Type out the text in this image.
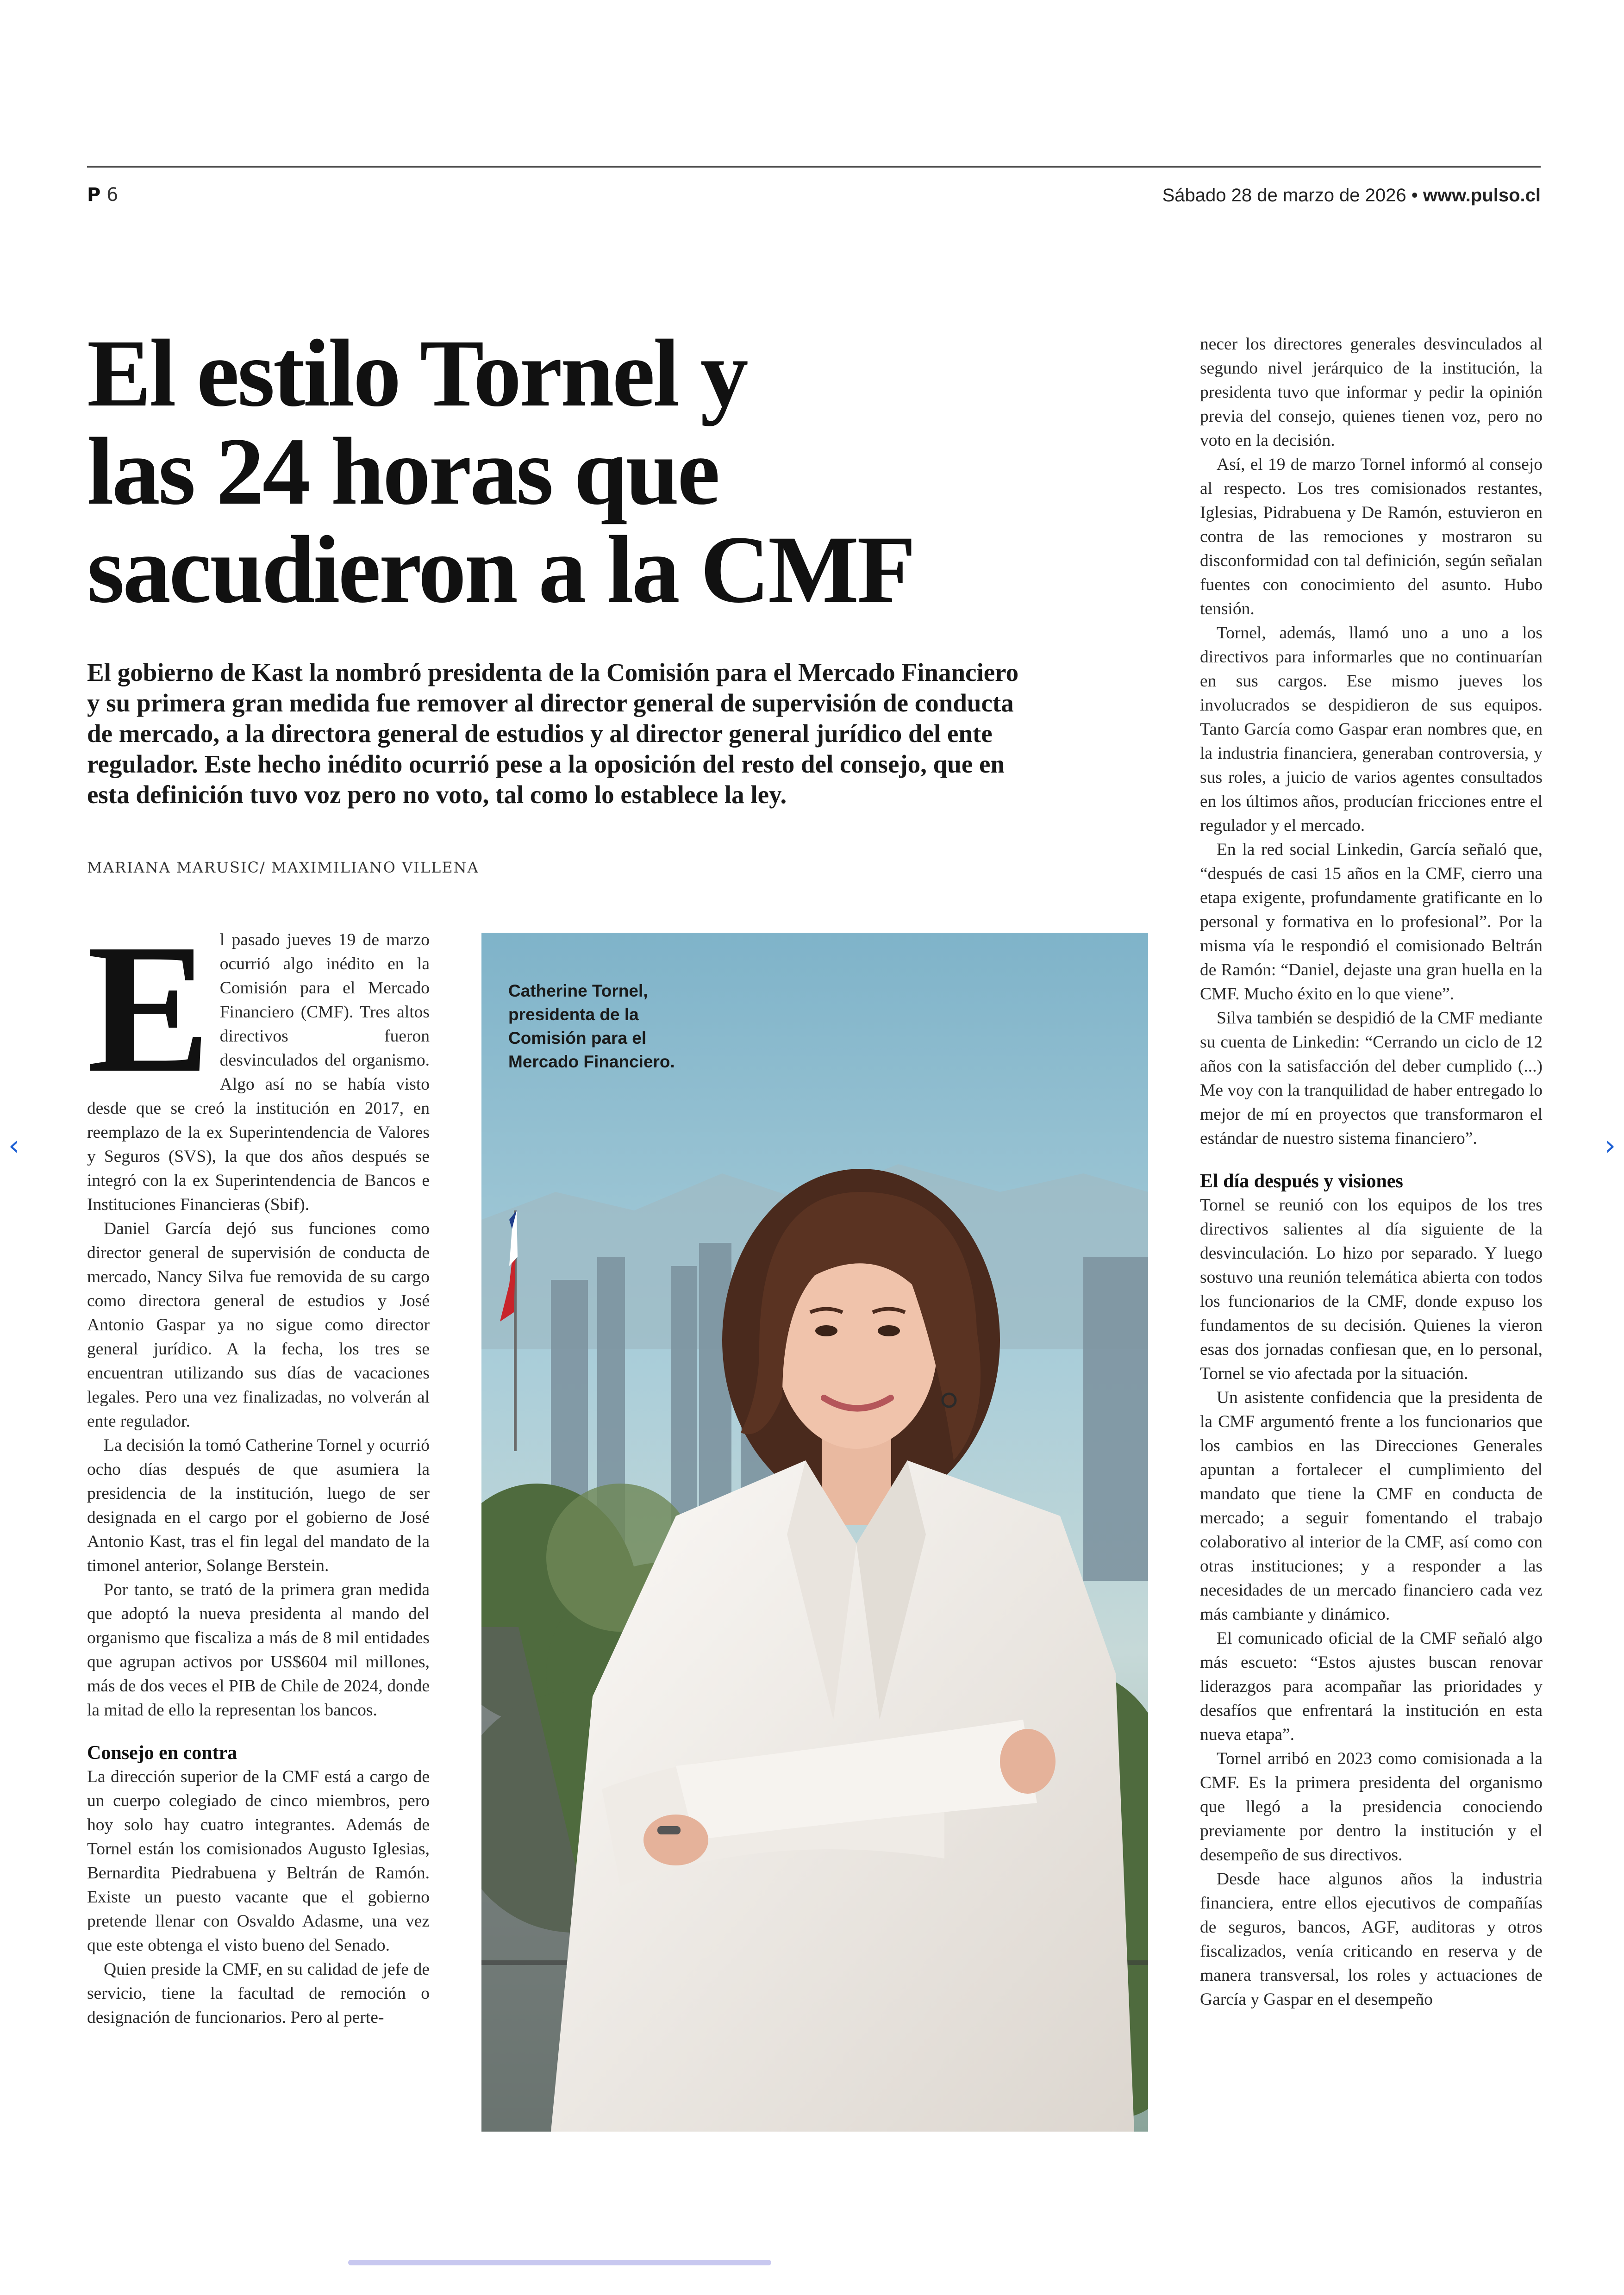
P 6	Sábado 28 de marzo de 2026 • www.pulso.cl
El estilo Tornel y
las 24 horas que
sacudieron a la CMF
El gobierno de Kast la nombró presidenta de la Comisión para el Mercado Financiero y su primera gran medida fue remover al director general de supervisión de conducta de mercado, a la directora general de estudios y al director general jurídico del ente regulador. Este hecho inédito ocurrió pese a la oposición del resto del consejo, que en esta definición tuvo voz pero no voto, tal como lo establece la ley.
MARIANA MARUSIC/ MAXIMILIANO VILLENA
E l pasado jueves 19 de marzo ocurrió algo inédito en la Comisión para el Mercado Financiero (CMF). Tres altos directivos fueron desvinculados del organismo. Algo así no se había visto desde que se creó la institución en 2017, en reemplazo de la ex Superintendencia de Valores y Seguros (SVS), la que dos años después se integró con la ex Superintendencia de Bancos e Instituciones Financieras (Sbif).

Daniel García dejó sus funciones como director general de supervisión de conducta de mercado, Nancy Silva fue removida de su cargo como directora general de estudios y José Antonio Gaspar ya no sigue como director general jurídico. A la fecha, los tres se encuentran utilizando sus días de vacaciones legales. Pero una vez finalizadas, no volverán al ente regulador.

La decisión la tomó Catherine Tornel y ocurrió ocho días después de que asumiera la presidencia de la institución, luego de ser designada en el cargo por el gobierno de José Antonio Kast, tras el fin legal del mandato de la timonel anterior, Solange Berstein.

Por tanto, se trató de la primera gran medida que adoptó la nueva presidenta al mando del organismo que fiscaliza a más de 8 mil entidades que agrupan activos por US$604 mil millones, más de dos veces el PIB de Chile de 2024, donde la mitad de ello la representan los bancos.

Consejo en contra

La dirección superior de la CMF está a cargo de un cuerpo colegiado de cinco miembros, pero hoy solo hay cuatro integrantes. Además de Tornel están los comisionados Augusto Iglesias, Bernardita Piedrabuena y Beltrán de Ramón. Existe un puesto vacante que el gobierno pretende llenar con Osvaldo Adasme, una vez que este obtenga el visto bueno del Senado.

Quien preside la CMF, en su calidad de jefe de servicio, tiene la facultad de remoción o designación de funcionarios. Pero al perte-

Catherine Tornel, presidenta de la Comisión para el Mercado Financiero.

necer los directores generales desvinculados al segundo nivel jerárquico de la institución, la presidenta tuvo que informar y pedir la opinión previa del consejo, quienes tienen voz, pero no voto en la decisión.

Así, el 19 de marzo Tornel informó al consejo al respecto. Los tres comisionados restantes, Iglesias, Pidrabuena y De Ramón, estuvieron en contra de las remociones y mostraron su disconformidad con tal definición, según señalan fuentes con conocimiento del asunto. Hubo tensión.

Tornel, además, llamó uno a uno a los directivos para informarles que no continuarían en sus cargos. Ese mismo jueves los involucrados se despidieron de sus equipos. Tanto García como Gaspar eran nombres que, en la industria financiera, generaban controversia, y sus roles, a juicio de varios agentes consultados en los últimos años, producían fricciones entre el regulador y el mercado.

En la red social Linkedin, García señaló que, “después de casi 15 años en la CMF, cierro una etapa exigente, profundamente gratificante en lo personal y formativa en lo profesional”. Por la misma vía le respondió el comisionado Beltrán de Ramón: “Daniel, dejaste una gran huella en la CMF. Mucho éxito en lo que viene”.

Silva también se despidió de la CMF mediante su cuenta de Linkedin: “Cerrando un ciclo de 12 años con la satisfacción del deber cumplido (...) Me voy con la tranquilidad de haber entregado lo mejor de mí en proyectos que transformaron el estándar de nuestro sistema financiero”.

El día después y visiones

Tornel se reunió con los equipos de los tres directivos salientes al día siguiente de la desvinculación. Lo hizo por separado. Y luego sostuvo una reunión telemática abierta con todos los funcionarios de la CMF, donde expuso los fundamentos de su decisión. Quienes la vieron esas dos jornadas confiesan que, en lo personal, Tornel se vio afectada por la situación.

Un asistente confidencia que la presidenta de la CMF argumentó frente a los funcionarios que los cambios en las Direcciones Generales apuntan a fortalecer el cumplimiento del mandato que tiene la CMF en conducta de mercado; a seguir fomentando el trabajo colaborativo al interior de la CMF, así como con otras instituciones; y a responder a las necesidades de un mercado financiero cada vez más cambiante y dinámico.

El comunicado oficial de la CMF señaló algo más escueto: “Estos ajustes buscan renovar liderazgos para acompañar las prioridades y desafíos que enfrentará la institución en esta nueva etapa”.

Tornel arribó en 2023 como comisionada a la CMF. Es la primera presidenta del organismo que llegó a la presidencia conociendo previamente por dentro la institución y el desempeño de sus directivos.

Desde hace algunos años la industria financiera, entre ellos ejecutivos de compañías de seguros, bancos, AGF, auditoras y otros fiscalizados, venía criticando en reserva y de manera transversal, los roles y actuaciones de García y Gaspar en el desempeño

‹	›
